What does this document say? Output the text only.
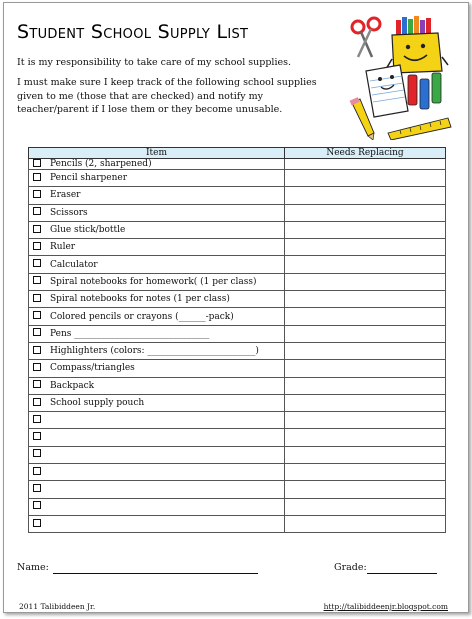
Student School Supply List

It is my responsibility to take care of my school supplies.

I must make sure I keep track of the following school supplies given to me (those that are checked) and notify my teacher/parent if I lose them or they become unusable.

Item	Needs Replacing
Pencils (2, sharpened)	
Pencil sharpener	
Eraser	
Scissors	
Glue stick/bottle	
Ruler	
Calculator	
Spiral notebooks for homework( (1 per class)	
Spiral notebooks for notes (1 per class)	
Colored pencils or crayons (______-pack)	
Pens ______________________________	
Highlighters (colors: ________________________)	
Compass/triangles	
Backpack	
School supply pouch	

Name:	Grade:
2011 Talibiddeen Jr.	http://talibiddeenjr.blogspot.com
